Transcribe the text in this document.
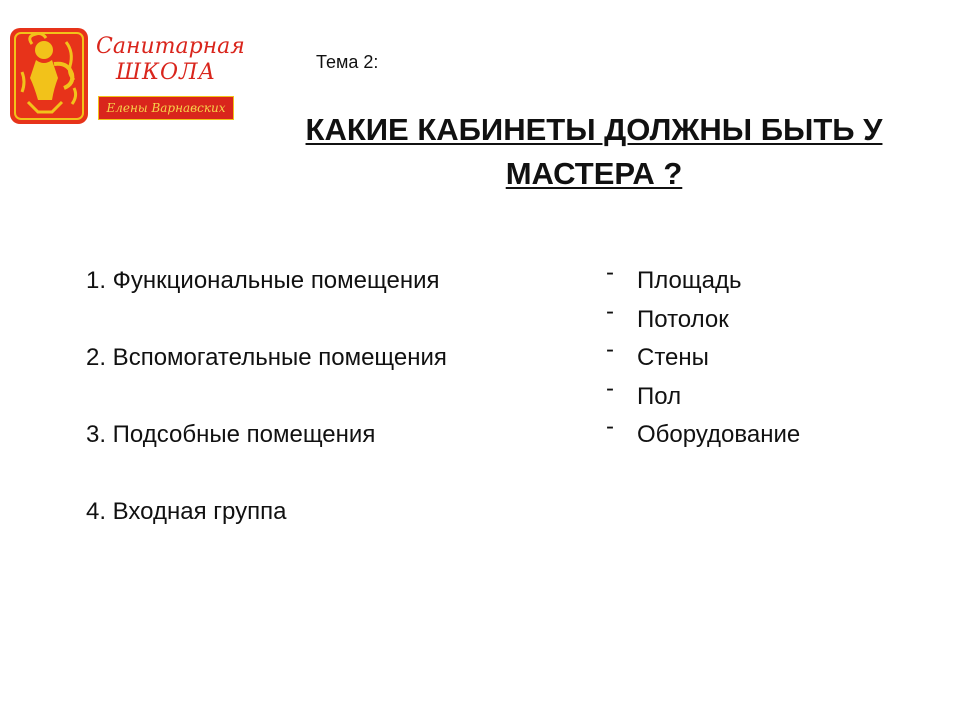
Санитарная
ШКОЛА
Елены Варнавских
Тема 2:
КАКИЕ КАБИНЕТЫ ДОЛЖНЫ БЫТЬ У
МАСТЕРА ?
1. Функциональные помещения
2. Вспомогательные помещения
3. Подсобные помещения
4. Входная группа
- Площадь
- Потолок
- Стены
- Пол
- Оборудование
